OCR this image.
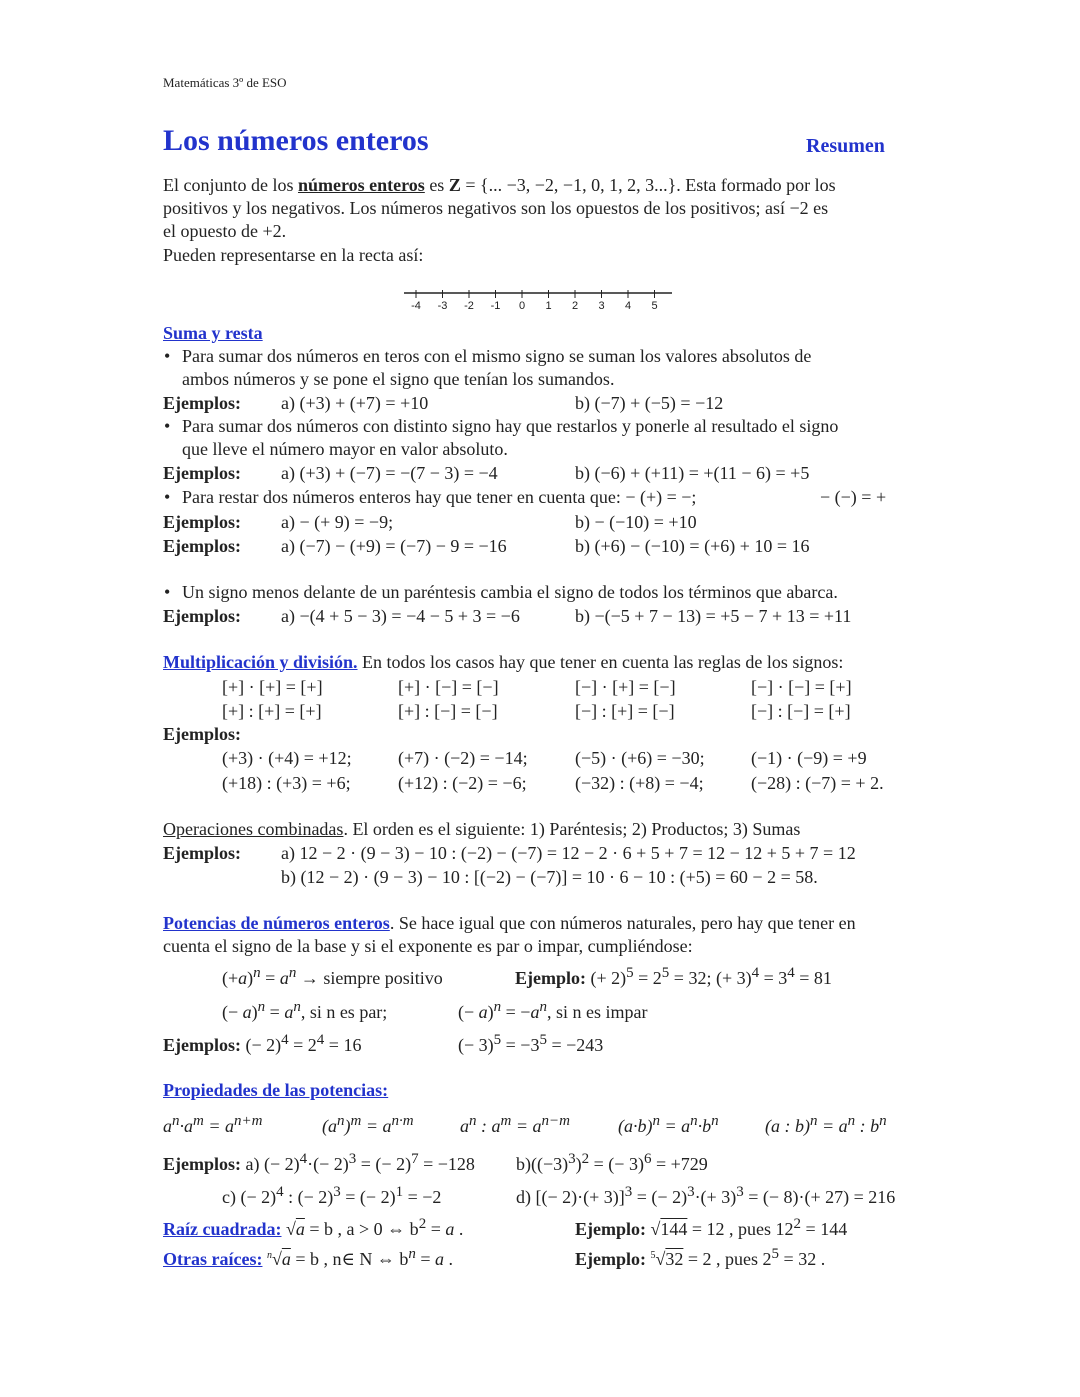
Matemáticas 3º de ESO
Los números enteros	Resumen
El conjunto de los números enteros es Z = {... −3, −2, −1, 0, 1, 2, 3...}. Esta formado por los
positivos y los negativos. Los números negativos son los opuestos de los positivos; así −2 es
el opuesto de +2.
Pueden representarse en la recta así:
-4 -3 -2 -1 0 1 2 3 4 5
Suma y resta
• Para sumar dos números en teros con el mismo signo se suman los valores absolutos de
ambos números y se pone el signo que tenían los sumandos.
Ejemplos: a) (+3) + (+7) = +10	b) (−7) + (−5) = −12
• Para sumar dos números con distinto signo hay que restarlos y ponerle al resultado el signo
que lleve el número mayor en valor absoluto.
Ejemplos: a) (+3) + (−7) = −(7 − 3) = −4	b) (−6) + (+11) = +(11 − 6) = +5
• Para restar dos números enteros hay que tener en cuenta que: − (+) = −;	− (−) = +
Ejemplos: a) − (+ 9) = −9;	b) − (−10) = +10
Ejemplos: a) (−7) − (+9) = (−7) − 9 = −16	b) (+6) − (−10) = (+6) + 10 = 16
• Un signo menos delante de un paréntesis cambia el signo de todos los términos que abarca.
Ejemplos: a) −(4 + 5 − 3) = −4 − 5 + 3 = −6	b) −(−5 + 7 − 13) = +5 − 7 + 13 = +11
Multiplicación y división. En todos los casos hay que tener en cuenta las reglas de los signos:
[+] · [+] = [+]	[+] · [−] = [−]	[−] · [+] = [−]	[−] · [−] = [+]
[+] : [+] = [+]	[+] : [−] = [−]	[−] : [+] = [−]	[−] : [−] = [+]
Ejemplos:
(+3) · (+4) = +12;	(+7) · (−2) = −14;	(−5) · (+6) = −30;	(−1) · (−9) = +9
(+18) : (+3) = +6;	(+12) : (−2) = −6;	(−32) : (+8) = −4;	(−28) : (−7) = + 2.
Operaciones combinadas. El orden es el siguiente: 1) Paréntesis; 2) Productos; 3) Sumas
Ejemplos: a) 12 − 2 · (9 − 3) − 10 : (−2) − (−7) = 12 − 2 · 6 + 5 + 7 = 12 − 12 + 5 + 7 = 12
b) (12 − 2) · (9 − 3) − 10 : [(−2) − (−7)] = 10 · 6 − 10 : (+5) = 60 − 2 = 58.
Potencias de números enteros. Se hace igual que con números naturales, pero hay que tener en
cuenta el signo de la base y si el exponente es par o impar, cumpliéndose:
$(+a)^n = a^n$ → siempre positivo	Ejemplo: (+ $2)^5 = 2^5 = 32$; (+ $3)^4 = 3^4 = 81$
(− $a)^n = a^n$, si n es par;	(− $a)^n = -a^n$, si n es impar
Ejemplos: (− $2)^4 = 2^4 = 16$	(− $3)^5 = -3^5 = -243$
Propiedades de las potencias:
$a^n\cdot a^m = a^{n+m}$	$(a^n)^m = a^{n\cdot m}$	$a^n$ : $a^m = a^{n-m}$	$(a\cdot b)^n = a^n\cdot b^n$	(a : $b)^n = a^n$ : $b^n$
Ejemplos: a) (− $2)^4\cdot(- 2)^3$ = (− 2)$^7$ = −128 $b)((-3)^3)^2$ = (− 3)$^6$ = +729
c) (− 2)$^4$ : (− 2)$^3$ = (− 2)$^1$ = −2	d) [(− 2)·(+ 3)]$^3$ = (− $2)^3\cdot(+ 3)^3$ = (− 8)·(+ 27) = 216
Raíz cuadrada: √a = b , a > 0 ⇔ $b^2 = a$ .	Ejemplo: √144 = 12 , pues $12^2 = 144$
Otras raíces: $^n$√a = b , n∈ N ⇔ $b^n = a$ .	Ejemplo: $^5$√32 = 2 , pues $2^5 = 32$ .
